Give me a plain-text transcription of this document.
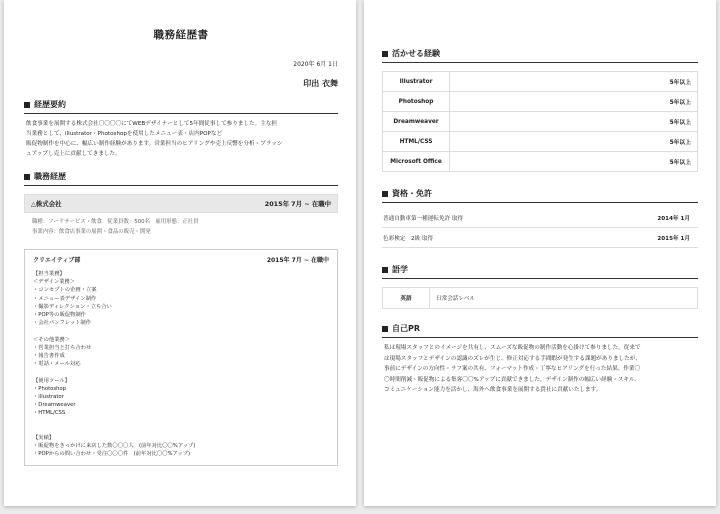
職務経歴書
2020年 6月 1日
印出 衣舞
経歴要約
飲食事業を展開する株式会社〇〇〇〇にてWEBデザイナーとして5年間従事して参りました。主な担
当業務として、illustrator・Photoshopを使用したメニュー表・店内POPなど
販促物制作を中心に、幅広い制作経験があります。営業担当のヒアリングや売上反響を分析・ブラッシ
ュアップし売上に貢献してきました。
職務経歴
△株式会社	2015年 7月 ~ 在職中
職種：フードサービス・飲食　従業員数：500名　雇用形態：正社員
事業内容：飲食店事業の展開・食品の販売・開発
クリエイティブ部	2015年 7月 ~ 在職中
【担当業務】
＜デザイン業務＞
・コンセプトの企画・立案
・メニュー表デザイン制作
・撮影ディレクション・立ち合い
・POP等の販促物制作
・会社パンフレット制作

＜その他業務＞
・営業担当と打ち合わせ
・報告書作成
・電話・メール対応

【使用ツール】
・Photoshop
・illustrator
・Dreamweaver
・HTML/CSS

【実績】
・販促物をきっかけに来店した数〇〇〇人　(前年対比〇〇%アップ)
・POPからの問い合わせ・受注〇〇〇件　(前年対比〇〇%アップ)
活かせる経験
Illustrator	5年以上
Photoshop	5年以上
Dreamweaver	5年以上
HTML/CSS	5年以上
Microsoft Office	5年以上
資格・免許
普通自動車第一種運転免許 取得	2014年 1月
色彩検定　2級 取得	2015年 1月
語学
英語	日常会話レベル
自己PR
私は現場スタッフとのイメージを共有し、スムーズな販促物の制作活動を心掛けて参りました。従来で
は現場スタッフとデザインの認識のズレが生じ、修正対応する手間暇が発生する課題がありましたが、
事前にデザインの方向性・ラフ案の共有、フォーマット作成・丁寧なヒアリングを行った結果、作業〇
〇時間削減・販促物による集客〇〇%アップに貢献できました。デザイン制作の幅広い経験・スキル、
コミュニケーション能力を活かし、海外へ飲食事業を展開する貴社に貢献いたします。
